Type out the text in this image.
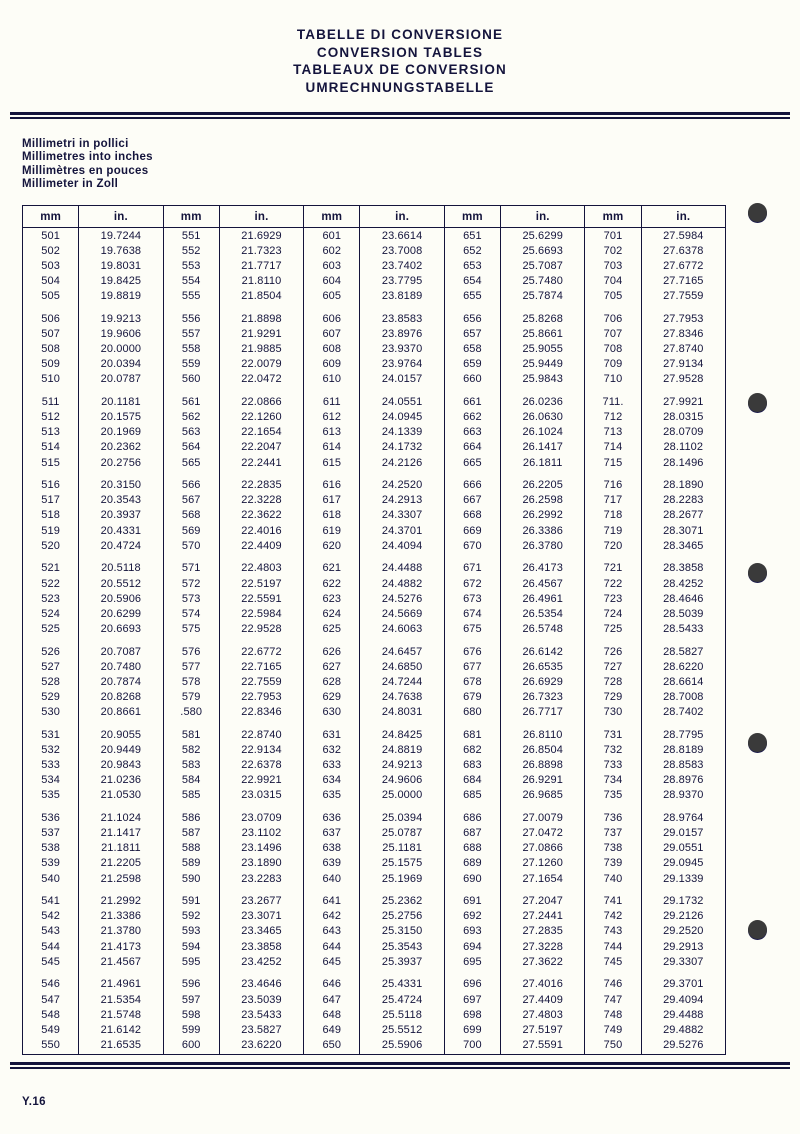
TABELLE DI CONVERSIONE
CONVERSION TABLES
TABLEAUX DE CONVERSION
UMRECHNUNGSTABELLE
Millimetri in pollici
Millimetres into inches
Millimètres en pouces
Millimeter in Zoll
mm	in.	mm	in.	mm	in.	mm	in.	mm	in.
501	19.7244	551	21.6929	601	23.6614	651	25.6299	701	27.5984
502	19.7638	552	21.7323	602	23.7008	652	25.6693	702	27.6378
503	19.8031	553	21.7717	603	23.7402	653	25.7087	703	27.6772
504	19.8425	554	21.8110	604	23.7795	654	25.7480	704	27.7165
505	19.8819	555	21.8504	605	23.8189	655	25.7874	705	27.7559

506	19.9213	556	21.8898	606	23.8583	656	25.8268	706	27.7953
507	19.9606	557	21.9291	607	23.8976	657	25.8661	707	27.8346
508	20.0000	558	21.9885	608	23.9370	658	25.9055	708	27.8740
509	20.0394	559	22.0079	609	23.9764	659	25.9449	709	27.9134
510	20.0787	560	22.0472	610	24.0157	660	25.9843	710	27.9528

511	20.1181	561	22.0866	611	24.0551	661	26.0236	711.	27.9921
512	20.1575	562	22.1260	612	24.0945	662	26.0630	712	28.0315
513	20.1969	563	22.1654	613	24.1339	663	26.1024	713	28.0709
514	20.2362	564	22.2047	614	24.1732	664	26.1417	714	28.1102
515	20.2756	565	22.2441	615	24.2126	665	26.1811	715	28.1496

516	20.3150	566	22.2835	616	24.2520	666	26.2205	716	28.1890
517	20.3543	567	22.3228	617	24.2913	667	26.2598	717	28.2283
518	20.3937	568	22.3622	618	24.3307	668	26.2992	718	28.2677
519	20.4331	569	22.4016	619	24.3701	669	26.3386	719	28.3071
520	20.4724	570	22.4409	620	24.4094	670	26.3780	720	28.3465

521	20.5118	571	22.4803	621	24.4488	671	26.4173	721	28.3858
522	20.5512	572	22.5197	622	24.4882	672	26.4567	722	28.4252
523	20.5906	573	22.5591	623	24.5276	673	26.4961	723	28.4646
524	20.6299	574	22.5984	624	24.5669	674	26.5354	724	28.5039
525	20.6693	575	22.9528	625	24.6063	675	26.5748	725	28.5433

526	20.7087	576	22.6772	626	24.6457	676	26.6142	726	28.5827
527	20.7480	577	22.7165	627	24.6850	677	26.6535	727	28.6220
528	20.7874	578	22.7559	628	24.7244	678	26.6929	728	28.6614
529	20.8268	579	22.7953	629	24.7638	679	26.7323	729	28.7008
530	20.8661	.580	22.8346	630	24.8031	680	26.7717	730	28.7402

531	20.9055	581	22.8740	631	24.8425	681	26.8110	731	28.7795
532	20.9449	582	22.9134	632	24.8819	682	26.8504	732	28.8189
533	20.9843	583	22.6378	633	24.9213	683	26.8898	733	28.8583
534	21.0236	584	22.9921	634	24.9606	684	26.9291	734	28.8976
535	21.0530	585	23.0315	635	25.0000	685	26.9685	735	28.9370

536	21.1024	586	23.0709	636	25.0394	686	27.0079	736	28.9764
537	21.1417	587	23.1102	637	25.0787	687	27.0472	737	29.0157
538	21.1811	588	23.1496	638	25.1181	688	27.0866	738	29.0551
539	21.2205	589	23.1890	639	25.1575	689	27.1260	739	29.0945
540	21.2598	590	23.2283	640	25.1969	690	27.1654	740	29.1339

541	21.2992	591	23.2677	641	25.2362	691	27.2047	741	29.1732
542	21.3386	592	23.3071	642	25.2756	692	27.2441	742	29.2126
543	21.3780	593	23.3465	643	25.3150	693	27.2835	743	29.2520
544	21.4173	594	23.3858	644	25.3543	694	27.3228	744	29.2913
545	21.4567	595	23.4252	645	25.3937	695	27.3622	745	29.3307

546	21.4961	596	23.4646	646	25.4331	696	27.4016	746	29.3701
547	21.5354	597	23.5039	647	25.4724	697	27.4409	747	29.4094
548	21.5748	598	23.5433	648	25.5118	698	27.4803	748	29.4488
549	21.6142	599	23.5827	649	25.5512	699	27.5197	749	29.4882
550	21.6535	600	23.6220	650	25.5906	700	27.5591	750	29.5276
Y.16
